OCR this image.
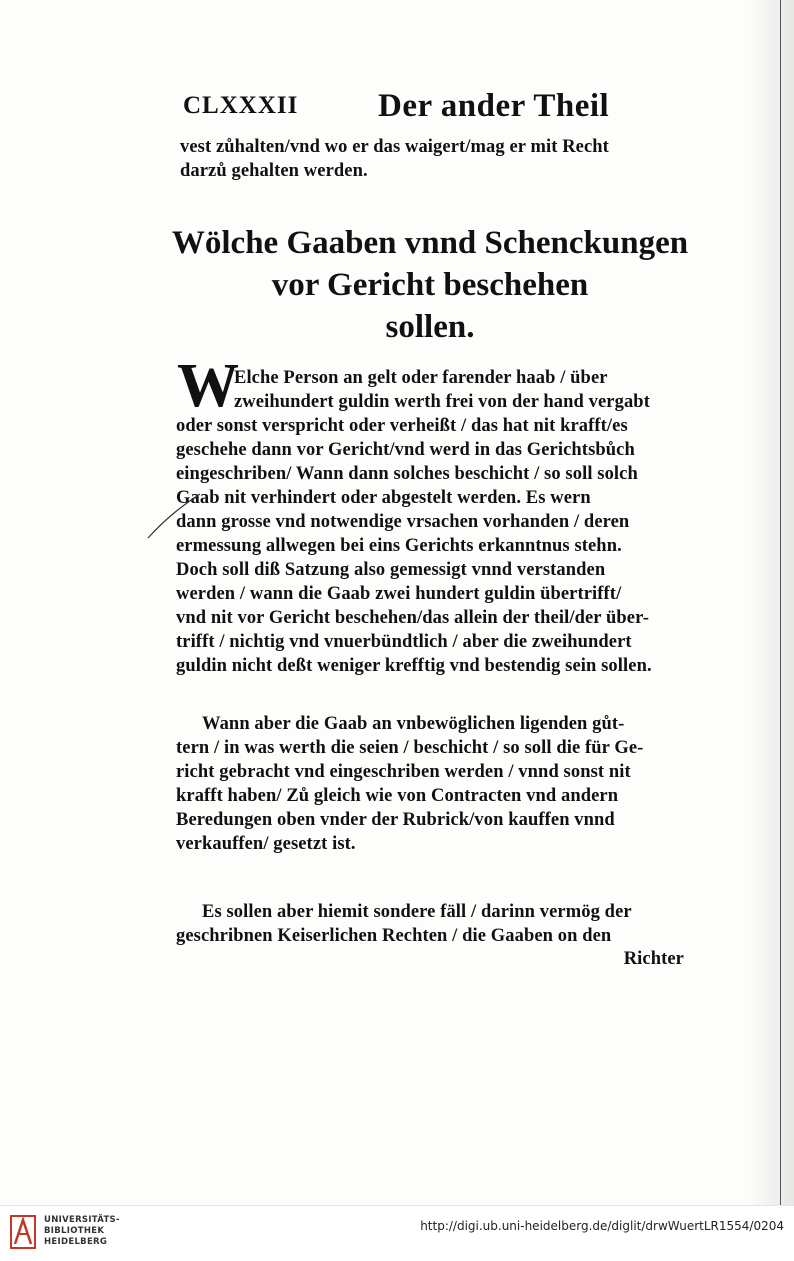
CLXXXII Der ander Theil
vest zůhalten/vnd wo er das waigert/mag er mit Recht
darzů gehalten werden.
Wölche Gaaben vnnd Schenckungen
vor Gericht beschehen
sollen.
W
Elche Person an gelt oder farender haab / über
zweihundert guldin werth frei von der hand vergabt
oder sonst verspricht oder verheißt / das hat nit krafft/es
geschehe dann vor Gericht/vnd werd in das Gerichtsbůch
eingeschriben/ Wann dann solches beschicht / so soll solch
Gaab nit verhindert oder abgestelt werden. Es wern
dann grosse vnd notwendige vrsachen vorhanden / deren
ermessung allwegen bei eins Gerichts erkanntnus stehn.
Doch soll diß Satzung also gemessigt vnnd verstanden
werden / wann die Gaab zwei hundert guldin übertrifft/
vnd nit vor Gericht beschehen/das allein der theil/der über-
trifft / nichtig vnd vnuerbündtlich / aber die zweihundert
guldin nicht deßt weniger krefftig vnd bestendig sein sollen.
Wann aber die Gaab an vnbewöglichen ligenden gůt-
tern / in was werth die seien / beschicht / so soll die für Ge-
richt gebracht vnd eingeschriben werden / vnnd sonst nit
krafft haben/ Zů gleich wie von Contracten vnd andern
Beredungen oben vnder der Rubrick/von kauffen vnnd
verkauffen/ gesetzt ist.
Es sollen aber hiemit sondere fäll / darinn vermög der
geschribnen Keiserlichen Rechten / die Gaaben on den
Richter
UNIVERSITÄTS-
BIBLIOTHEK
HEIDELBERG
http://digi.ub.uni-heidelberg.de/diglit/drwWuertLR1554/0204
